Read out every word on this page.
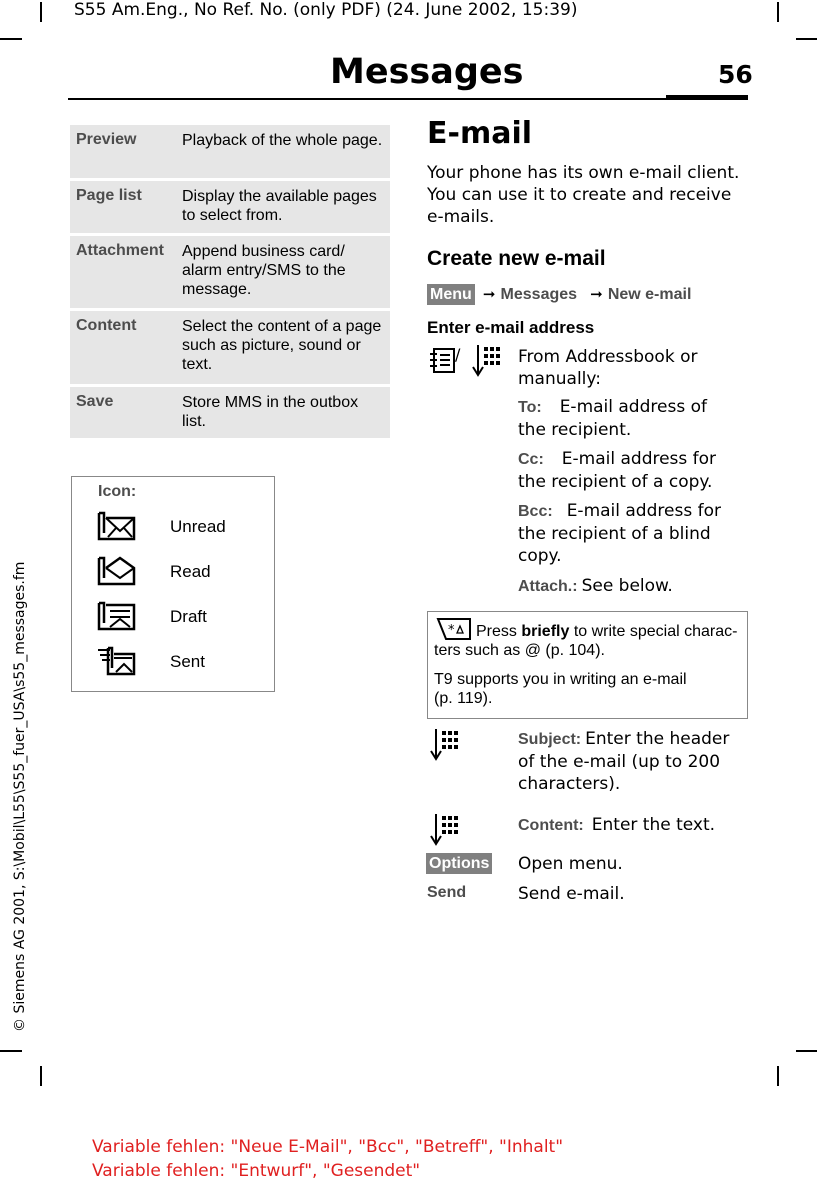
S55 Am.Eng., No Ref. No. (only PDF) (24. June 2002, 15:39)
Messages	56
© Siemens AG 2001, S:\Mobil\L55\S55_fuer_USA\s55_messages.fm
Preview	Playback of the whole page.
Page list	Display the available pages to select from.
Attachment	Append business card/ alarm entry/SMS to the message.
Content	Select the content of a page such as picture, sound or text.
Save	Store MMS in the outbox list.
Icon:
Unread
Read
Draft
Sent
E-mail
Your phone has its own e-mail client. You can use it to create and receive e-mails.
Create new e-mail
Menu ➞ Messages ➞ New e-mail
Enter e-mail address
/	From Addressbook or manually:
To: E-mail address of the recipient.
Cc: E-mail address for the recipient of a copy.
Bcc: E-mail address for the recipient of a blind copy.
Attach.: See below.
*	Press briefly to write special charac-ters such as @ (p. 104).
T9 supports you in writing an e-mail (p. 119).
Subject: Enter the header of the e-mail (up to 200 characters).
Content: Enter the text.
Options Open menu.
Send	Send e-mail.
Variable fehlen: "Neue E-Mail", "Bcc", "Betreff", "Inhalt"
Variable fehlen: "Entwurf", "Gesendet"
